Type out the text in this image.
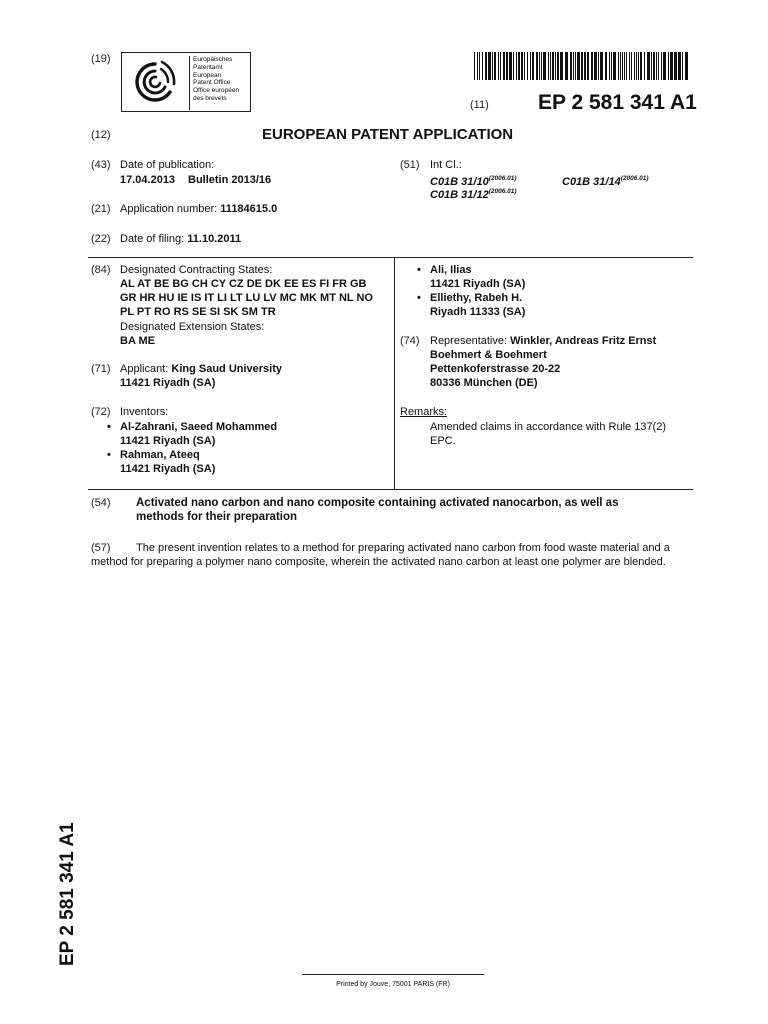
(19)	Europäisches
Patentamt
European
Patent Office
Office européen
des brevets
(11) EP 2 581 341 A1
(12)	EUROPEAN PATENT APPLICATION
(43) Date of publication:
17.04.2013 Bulletin 2013/16
(51) Int Cl.:
C01B $31/10^{(2006.01)}$	C01B $31/14^{(2006.01)}$
C01B $31/12^{(2006.01)}$
(21) Application number: 11184615.0
(22) Date of filing: 11.10.2011
(84) Designated Contracting States:
AL AT BE BG CH CY CZ DE DK EE ES FI FR GB
GR HR HU IE IS IT LI LT LU LV MC MK MT NL NO
PL PT RO RS SE SI SK SM TR
Designated Extension States:
BA ME
(71) Applicant: King Saud University
11421 Riyadh (SA)
(72) Inventors:
• Al-Zahrani, Saeed Mohammed
11421 Riyadh (SA)
• Rahman, Ateeq
11421 Riyadh (SA)
• Ali, Ilias
11421 Riyadh (SA)
• Elliethy, Rabeh H.
Riyadh 11333 (SA)
(74) Representative: Winkler, Andreas Fritz Ernst
Boehmert & Boehmert
Pettenkoferstrasse 20-22
80336 München (DE)
Remarks:
Amended claims in accordance with Rule 137(2)
EPC.
(54) Activated nano carbon and nano composite containing activated nanocarbon, as well as
methods for their preparation
(57) The present invention relates to a method for preparing activated nano carbon from food waste material and a
method for preparing a polymer nano composite, wherein the activated nano carbon at least one polymer are blended.
EP 2 581 341 A1
Printed by Jouve, 75001 PARIS (FR)
